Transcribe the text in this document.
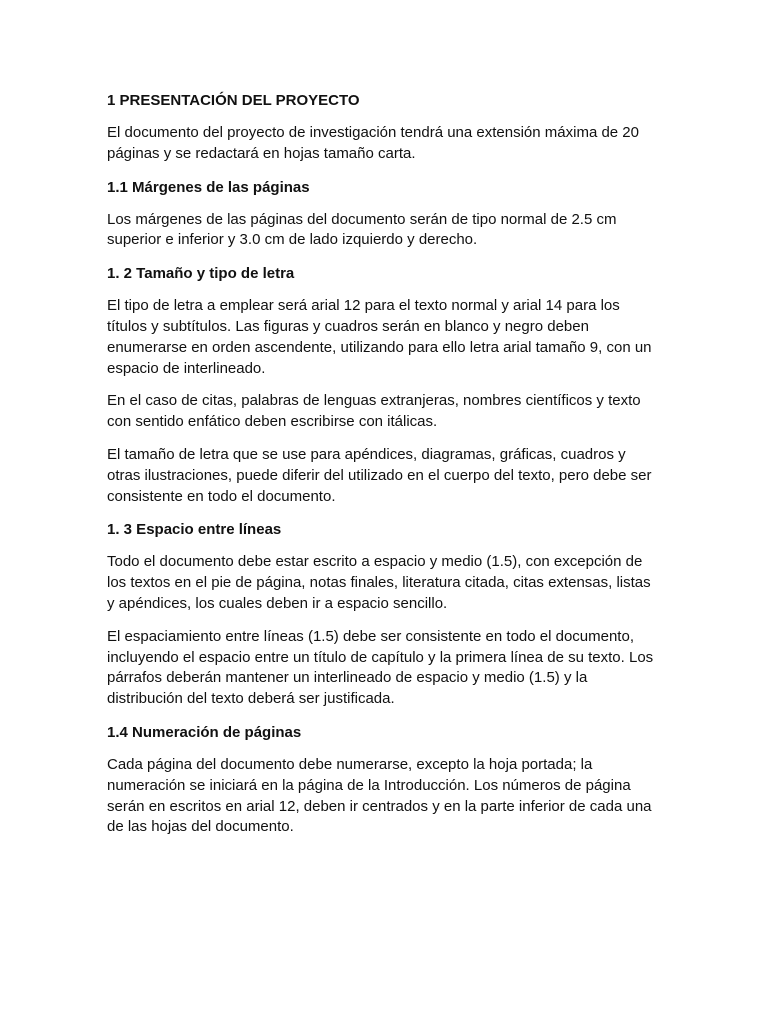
1 PRESENTACIÓN DEL PROYECTO
El documento del proyecto de investigación tendrá una extensión máxima de 20
páginas y se redactará en hojas tamaño carta.
1.1 Márgenes de las páginas
Los márgenes de las páginas del documento serán de tipo normal de 2.5 cm
superior e inferior y 3.0 cm de lado izquierdo y derecho.
1. 2 Tamaño y tipo de letra
El tipo de letra a emplear será arial 12 para el texto normal y arial 14 para los
títulos y subtítulos. Las figuras y cuadros serán en blanco y negro deben
enumerarse en orden ascendente, utilizando para ello letra arial tamaño 9, con un
espacio de interlineado.
En el caso de citas, palabras de lenguas extranjeras, nombres científicos y texto
con sentido enfático deben escribirse con itálicas.
El tamaño de letra que se use para apéndices, diagramas, gráficas, cuadros y
otras ilustraciones, puede diferir del utilizado en el cuerpo del texto, pero debe ser
consistente en todo el documento.
1. 3 Espacio entre líneas
Todo el documento debe estar escrito a espacio y medio (1.5), con excepción de
los textos en el pie de página, notas finales, literatura citada, citas extensas, listas
y apéndices, los cuales deben ir a espacio sencillo.
El espaciamiento entre líneas (1.5) debe ser consistente en todo el documento,
incluyendo el espacio entre un título de capítulo y la primera línea de su texto. Los
párrafos deberán mantener un interlineado de espacio y medio (1.5) y la
distribución del texto deberá ser justificada.
1.4 Numeración de páginas
Cada página del documento debe numerarse, excepto la hoja portada; la
numeración se iniciará en la página de la Introducción. Los números de página
serán en escritos en arial 12, deben ir centrados y en la parte inferior de cada una
de las hojas del documento.
